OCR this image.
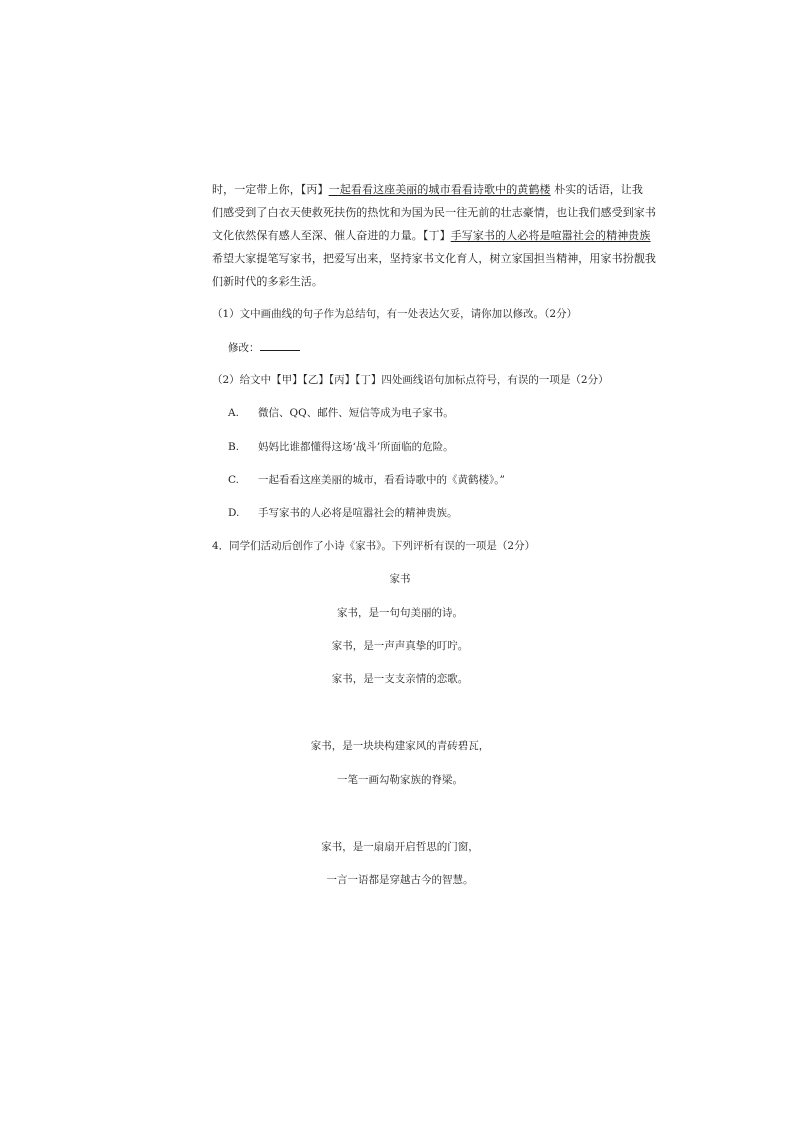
时，一定带上你，【丙】一起看看这座美丽的城市看看诗歌中的黄鹤楼 朴实的话语，让我
们感受到了白衣天使救死扶伤的热忱和为国为民一往无前的壮志豪情，也让我们感受到家书
文化依然保有感人至深、催人奋进的力量。【丁】手写家书的人必将是喧嚣社会的精神贵族
希望大家提笔写家书，把爱写出来，坚持家书文化育人，树立家国担当精神，用家书扮靓我
们新时代的多彩生活。
（1）文中画曲线的句子作为总结句，有一处表达欠妥，请你加以修改。（2分）
修改：
（2）给文中【甲】【乙】【丙】【丁】四处画线语句加标点符号，有误的一项是（2分）
A. 微信、QQ、邮件、短信等成为电子家书。
B. 妈妈比谁都懂得这场‘战斗’所面临的危险。
C. 一起看看这座美丽的城市，看看诗歌中的《黄鹤楼》。”
D. 手写家书的人必将是喧嚣社会的精神贵族。
4．同学们活动后创作了小诗《家书》。下列评析有误的一项是（2分）
家书
家书，是一句句美丽的诗。
家书，是一声声真挚的叮咛。
家书，是一支支亲情的恋歌。
家书，是一块块构建家风的青砖碧瓦，
一笔一画勾勒家族的脊梁。
家书，是一扇扇开启哲思的门窗，
一言一语都是穿越古今的智慧。
